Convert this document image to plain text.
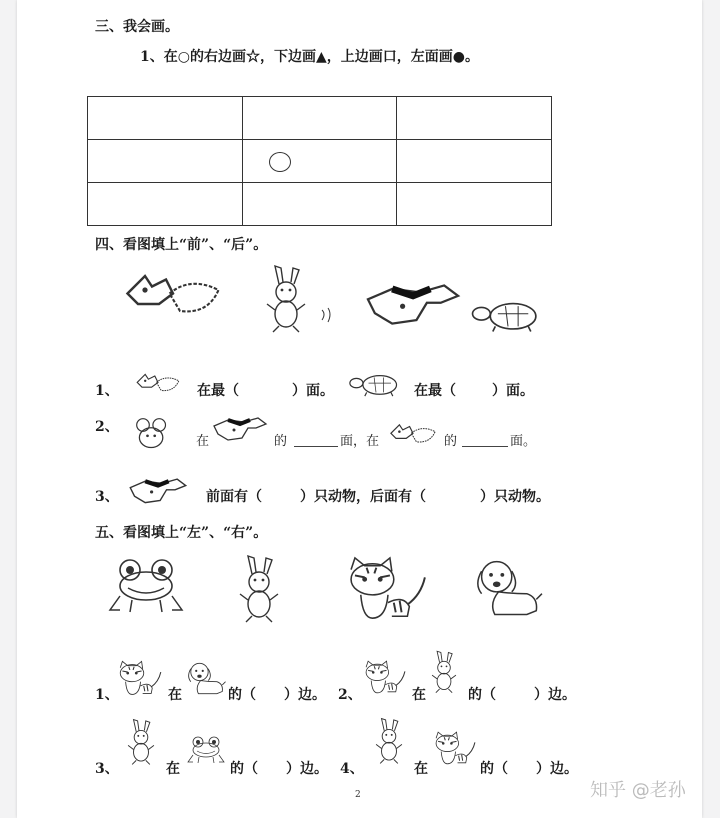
三、我会画。
1、在○的右边画☆，下边画▲，上边画口，左面画●。

四、看图填上“前”、“后”。
1、	在最（	）面。	在最（	）面。
2、
在	的	面，在	的	面。
3、	前面有（	）只动物，后面有（	）只动物。
五、看图填上“左”、“右”。
1、	在	的（ ）边。 2、	在	的（	）边。
3、	在	的（ ）边。 4、	在	的（ ）边。
2	知乎 @老孙
